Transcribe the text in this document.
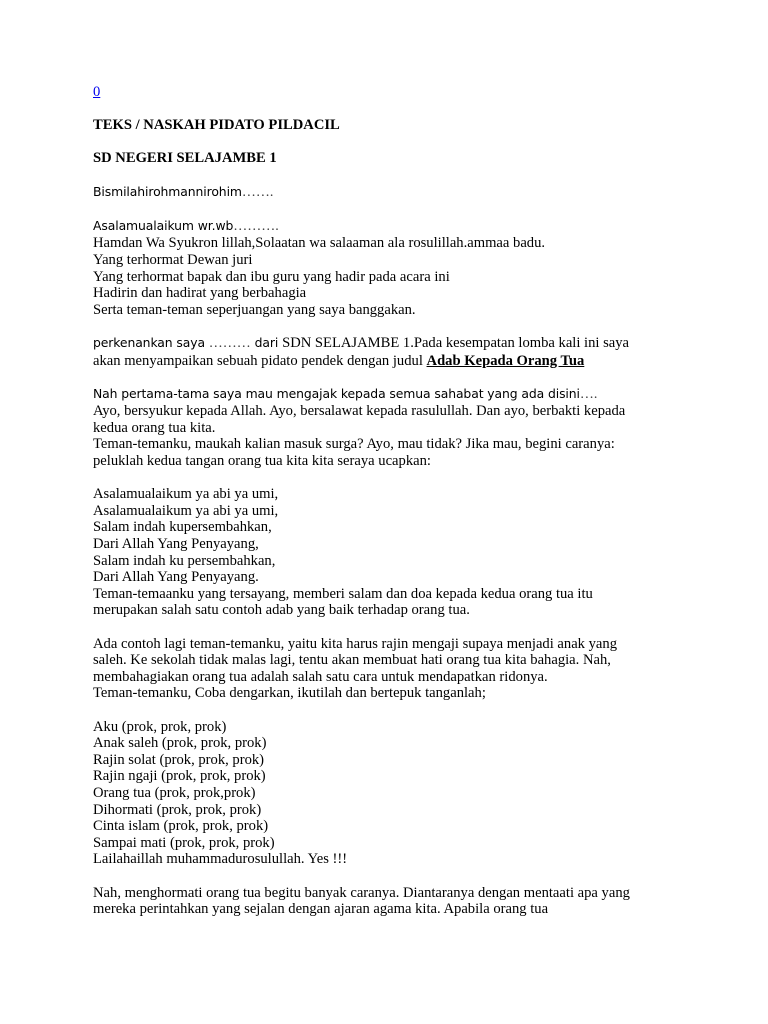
0
TEKS / NASKAH PIDATO PILDACIL
SD NEGERI SELAJAMBE 1
Bismilahirohmannirohim…….
Asalamualaikum wr.wb……….
Hamdan Wa Syukron lillah,Solaatan wa salaaman ala rosulillah.ammaa badu.
Yang terhormat Dewan juri
Yang terhormat bapak dan ibu guru yang hadir pada acara ini
Hadirin dan hadirat yang berbahagia
Serta teman-teman seperjuangan yang saya banggakan.
perkenankan saya ……… dari SDN SELAJAMBE 1.Pada kesempatan lomba kali ini saya
akan menyampaikan sebuah pidato pendek dengan judul Adab Kepada Orang Tua
Nah pertama-tama saya mau mengajak kepada semua sahabat yang ada disini….
Ayo, bersyukur kepada Allah. Ayo, bersalawat kepada rasulullah. Dan ayo, berbakti kepada
kedua orang tua kita.
Teman-temanku, maukah kalian masuk surga? Ayo, mau tidak? Jika mau, begini caranya:
peluklah kedua tangan orang tua kita kita seraya ucapkan:
Asalamualaikum ya abi ya umi,
Asalamualaikum ya abi ya umi,
Salam indah kupersembahkan,
Dari Allah Yang Penyayang,
Salam indah ku persembahkan,
Dari Allah Yang Penyayang.
Teman-temaanku yang tersayang, memberi salam dan doa kepada kedua orang tua itu
merupakan salah satu contoh adab yang baik terhadap orang tua.
Ada contoh lagi teman-temanku, yaitu kita harus rajin mengaji supaya menjadi anak yang
saleh. Ke sekolah tidak malas lagi, tentu akan membuat hati orang tua kita bahagia. Nah,
membahagiakan orang tua adalah salah satu cara untuk mendapatkan ridonya.
Teman-temanku, Coba dengarkan, ikutilah dan bertepuk tanganlah;
Aku (prok, prok, prok)
Anak saleh (prok, prok, prok)
Rajin solat (prok, prok, prok)
Rajin ngaji (prok, prok, prok)
Orang tua (prok, prok,prok)
Dihormati (prok, prok, prok)
Cinta islam (prok, prok, prok)
Sampai mati (prok, prok, prok)
Lailahaillah muhammadurosulullah. Yes !!!
Nah, menghormati orang tua begitu banyak caranya. Diantaranya dengan mentaati apa yang
mereka perintahkan yang sejalan dengan ajaran agama kita. Apabila orang tua
